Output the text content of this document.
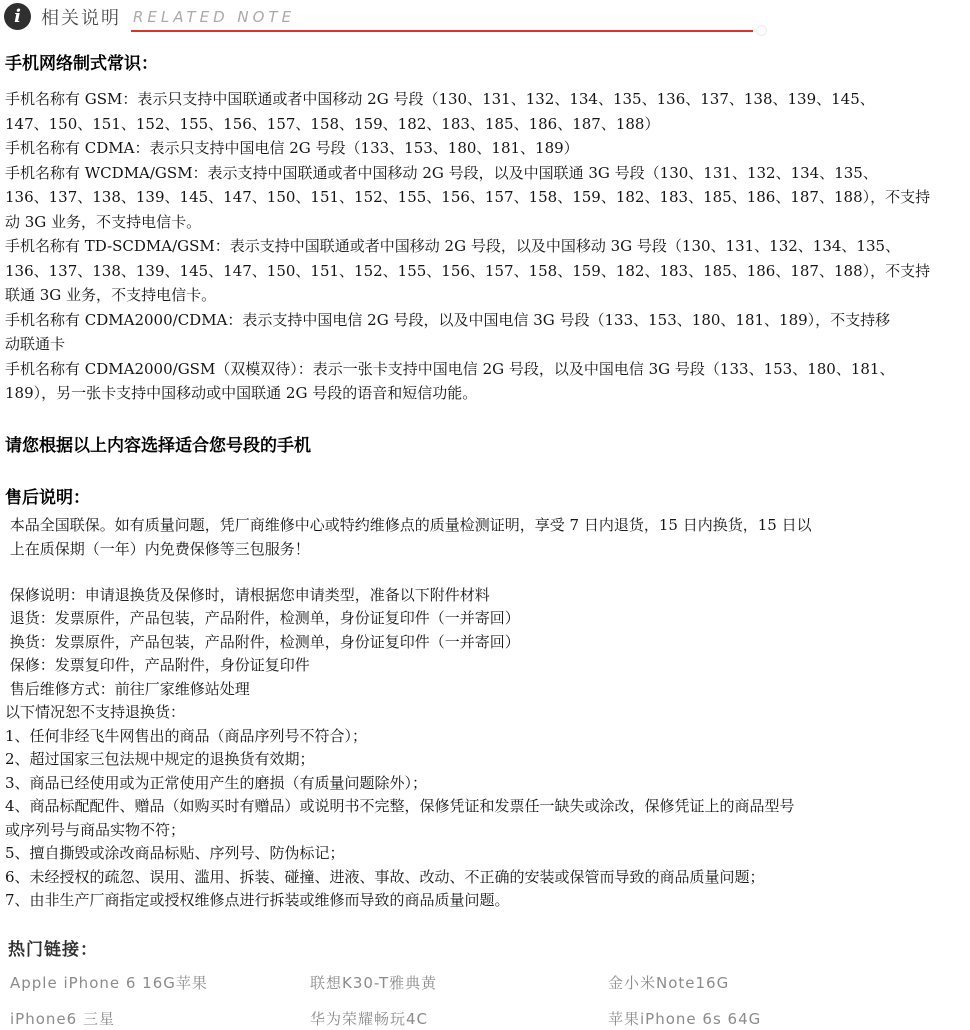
i	相关说明 RELATED NOTE
手机网络制式常识：
手机名称有 GSM：表示只支持中国联通或者中国移动 2G 号段（130、131、132、134、135、136、137、138、139、145、
147、150、151、152、155、156、157、158、159、182、183、185、186、187、188）
手机名称有 CDMA：表示只支持中国电信 2G 号段（133、153、180、181、189）
手机名称有 WCDMA/GSM：表示支持中国联通或者中国移动 2G 号段，以及中国联通 3G 号段（130、131、132、134、135、
136、137、138、139、145、147、150、151、152、155、156、157、158、159、182、183、185、186、187、188），不支持
动 3G 业务，不支持电信卡。
手机名称有 TD-SCDMA/GSM：表示支持中国联通或者中国移动 2G 号段，以及中国移动 3G 号段（130、131、132、134、135、
136、137、138、139、145、147、150、151、152、155、156、157、158、159、182、183、185、186、187、188），不支持
联通 3G 业务，不支持电信卡。
手机名称有 CDMA2000/CDMA：表示支持中国电信 2G 号段，以及中国电信 3G 号段（133、153、180、181、189），不支持移
动联通卡
手机名称有 CDMA2000/GSM（双模双待）：表示一张卡支持中国电信 2G 号段，以及中国电信 3G 号段（133、153、180、181、
189），另一张卡支持中国移动或中国联通 2G 号段的语音和短信功能。
请您根据以上内容选择适合您号段的手机
售后说明：
本品全国联保。如有质量问题，凭厂商维修中心或特约维修点的质量检测证明，享受 7 日内退货，15 日内换货，15 日以
上在质保期（一年）内免费保修等三包服务！
保修说明：申请退换货及保修时，请根据您申请类型，准备以下附件材料
退货：发票原件，产品包装，产品附件，检测单，身份证复印件（一并寄回）
换货：发票原件，产品包装，产品附件，检测单，身份证复印件（一并寄回）
保修：发票复印件，产品附件，身份证复印件
售后维修方式：前往厂家维修站处理
以下情况恕不支持退换货：
1、任何非经飞牛网售出的商品（商品序列号不符合）；
2、超过国家三包法规中规定的退换货有效期；
3、商品已经使用或为正常使用产生的磨损（有质量问题除外）；
4、商品标配配件、赠品（如购买时有赠品）或说明书不完整，保修凭证和发票任一缺失或涂改，保修凭证上的商品型号
或序列号与商品实物不符；
5、擅自撕毁或涂改商品标贴、序列号、防伪标记；
6、未经授权的疏忽、误用、滥用、拆装、碰撞、进液、事故、改动、不正确的安装或保管而导致的商品质量问题；
7、由非生产厂商指定或授权维修点进行拆装或维修而导致的商品质量问题。
热门链接：
Apple iPhone 6 16G苹果	联想K30-T雅典黄	金小米Note16G
iPhone6 三星	华为荣耀畅玩4C	苹果iPhone 6s 64G
